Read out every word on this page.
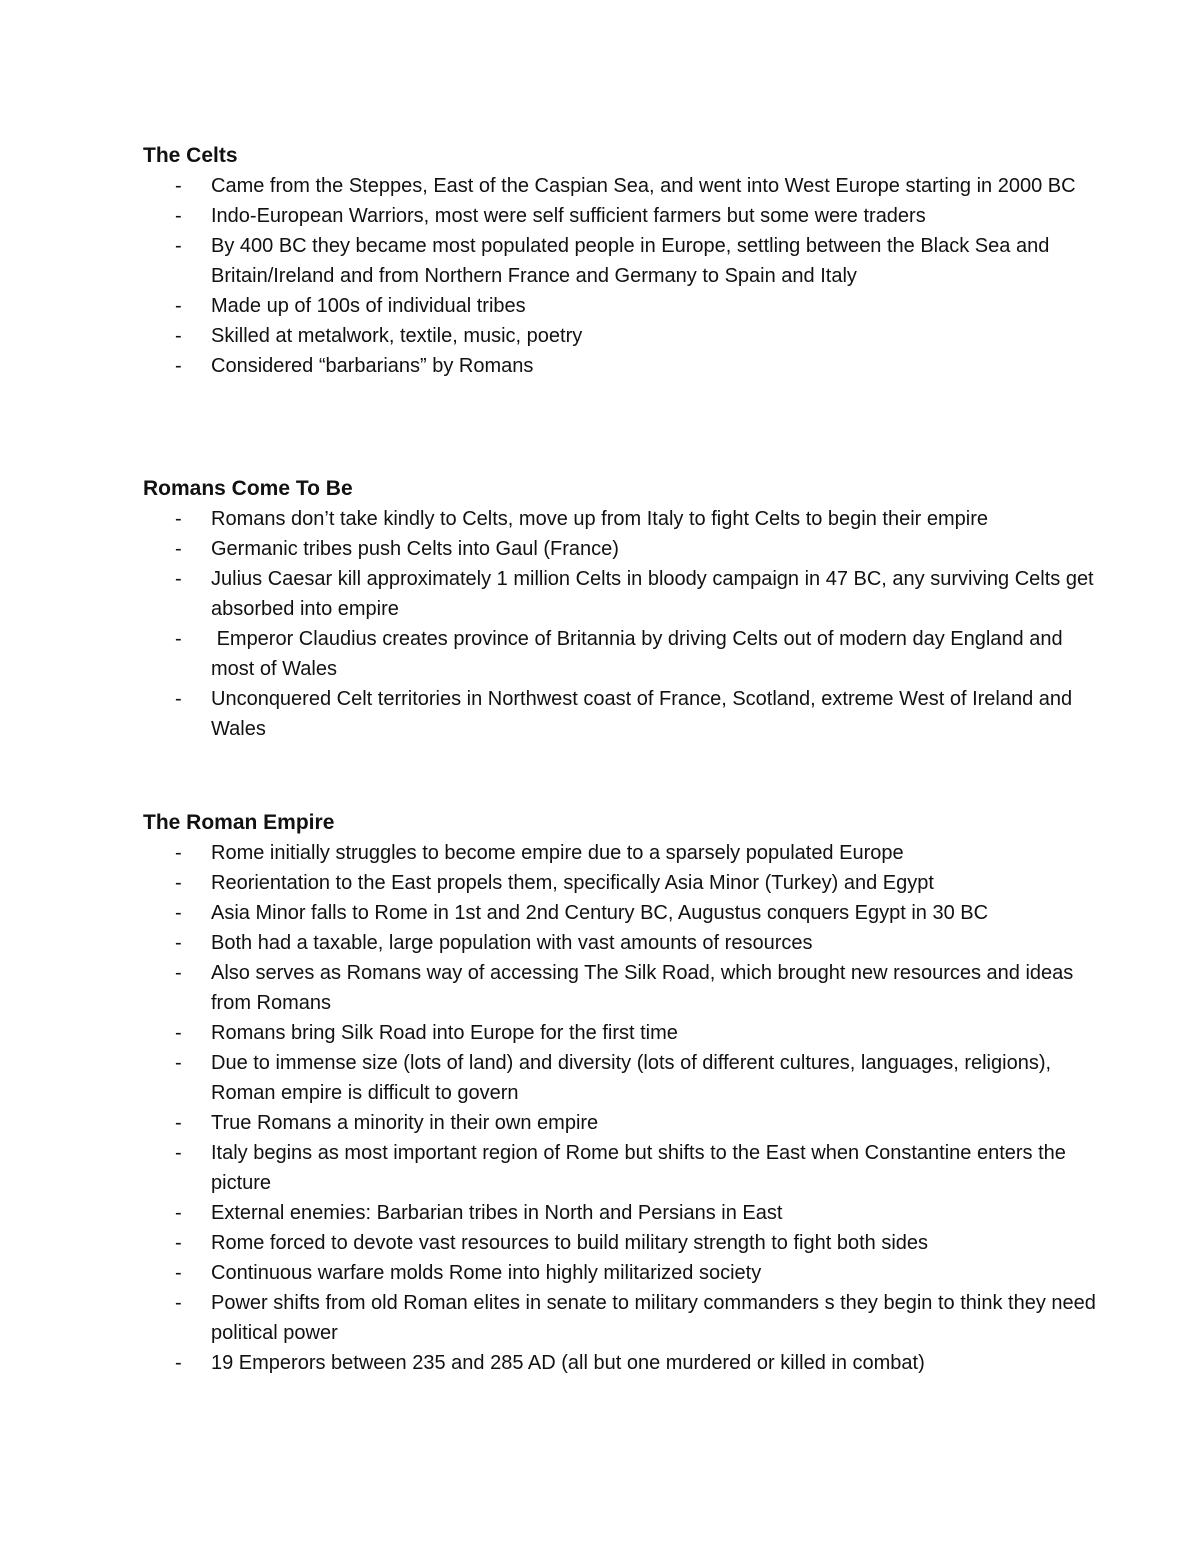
The Celts
-	Came from the Steppes, East of the Caspian Sea, and went into West Europe starting in 2000 BC
-	Indo-European Warriors, most were self sufficient farmers but some were traders
-	By 400 BC they became most populated people in Europe, settling between the Black Sea and Britain/Ireland and from Northern France and Germany to Spain and Italy
-	Made up of 100s of individual tribes
-	Skilled at metalwork, textile, music, poetry
-	Considered “barbarians” by Romans
Romans Come To Be
-	Romans don’t take kindly to Celts, move up from Italy to fight Celts to begin their empire
-	Germanic tribes push Celts into Gaul (France)
-	Julius Caesar kill approximately 1 million Celts in bloody campaign in 47 BC, any surviving Celts get absorbed into empire
-	Emperor Claudius creates province of Britannia by driving Celts out of modern day England and most of Wales
-	Unconquered Celt territories in Northwest coast of France, Scotland, extreme West of Ireland and Wales
The Roman Empire
-	Rome initially struggles to become empire due to a sparsely populated Europe
-	Reorientation to the East propels them, specifically Asia Minor (Turkey) and Egypt
-	Asia Minor falls to Rome in 1st and 2nd Century BC, Augustus conquers Egypt in 30 BC
-	Both had a taxable, large population with vast amounts of resources
-	Also serves as Romans way of accessing The Silk Road, which brought new resources and ideas from Romans
-	Romans bring Silk Road into Europe for the first time
-	Due to immense size (lots of land) and diversity (lots of different cultures, languages, religions), Roman empire is difficult to govern
-	True Romans a minority in their own empire
-	Italy begins as most important region of Rome but shifts to the East when Constantine enters the picture
-	External enemies: Barbarian tribes in North and Persians in East
-	Rome forced to devote vast resources to build military strength to fight both sides
-	Continuous warfare molds Rome into highly militarized society
-	Power shifts from old Roman elites in senate to military commanders s they begin to think they need political power
-	19 Emperors between 235 and 285 AD (all but one murdered or killed in combat)
